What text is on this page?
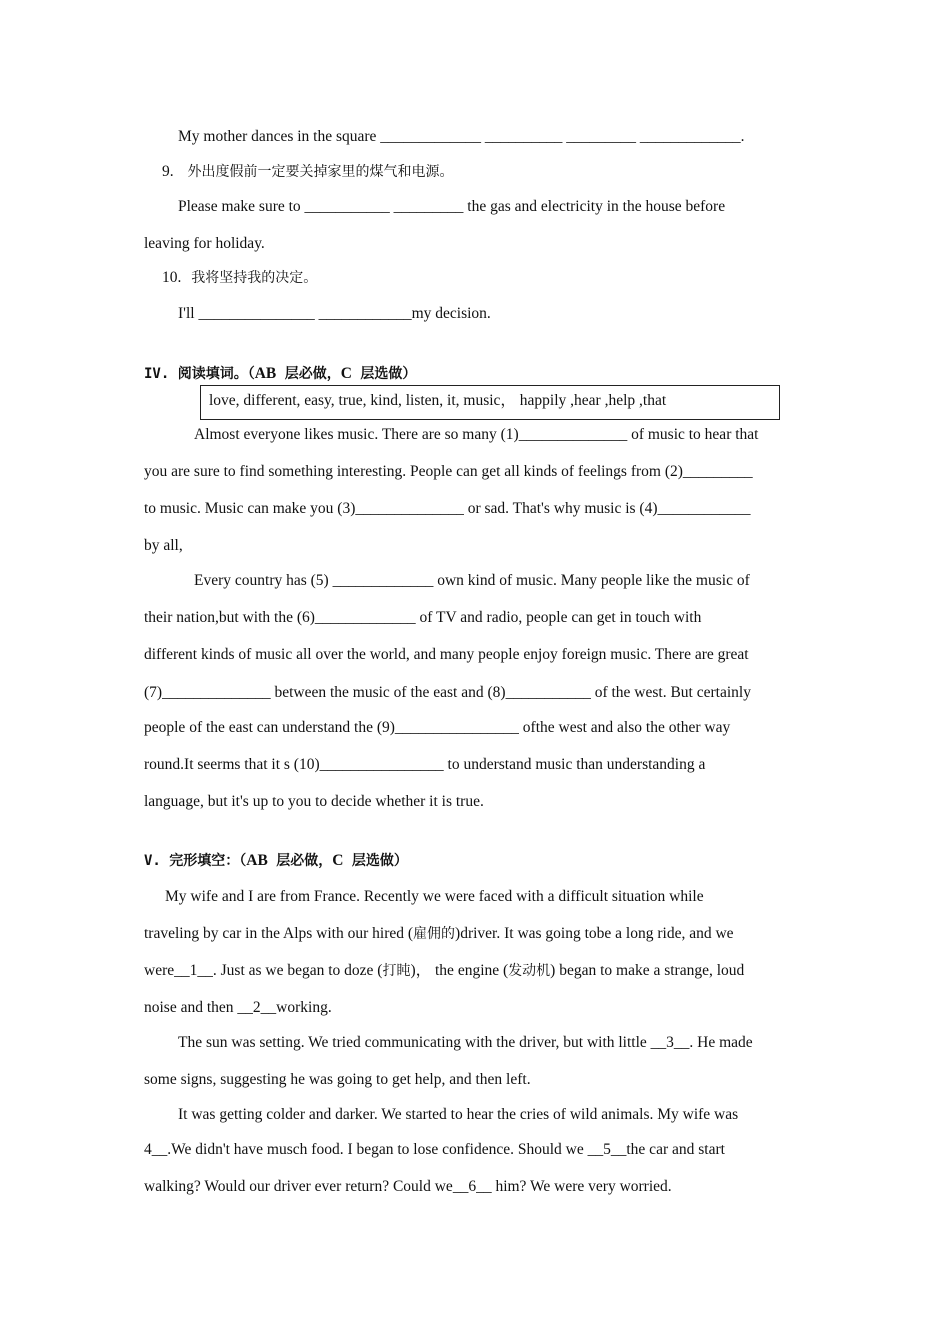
My mother dances in the square _____________ __________ _________ _____________.
9. 外出度假前一定要关掉家里的煤气和电源。
Please make sure to ___________ _________ the gas and electricity in the house before
leaving for holiday.
10. 我将坚持我的决定。
I'll _______________ ____________my decision.
IV. 阅读填词。（AB 层必做，C 层选做）
love, different, easy, true, kind, listen, it, music， happily ,hear ,help ,that
Almost everyone likes music. There are so many (1)______________ of music to hear that
you are sure to find something interesting. People can get all kinds of feelings from (2)_________
to music. Music can make you (3)______________ or sad. That's why music is (4)____________
by all,
Every country has (5) _____________ own kind of music. Many people like the music of
their nation,but with the (6)_____________ of TV and radio, people can get in touch with
different kinds of music all over the world, and many people enjoy foreign music. There are great
(7)______________ between the music of the east and (8)___________ of the west. But certainly
people of the east can understand the (9)________________ ofthe west and also the other way
round.It seerms that it s (10)________________ to understand music than understanding a
language, but it's up to you to decide whether it is true.
V. 完形填空：（AB 层必做，C 层选做）
My wife and I are from France. Recently we were faced with a difficult situation while
traveling by car in the Alps with our hired (雇佣的)driver. It was going tobe a long ride, and we
were__1__. Just as we began to doze (打盹)， the engine (发动机) began to make a strange, loud
noise and then __2__working.
The sun was setting. We tried communicating with the driver, but with little __3__. He made
some signs, suggesting he was going to get help, and then left.
It was getting colder and darker. We started to hear the cries of wild animals. My wife was
4__.We didn't have musch food. I began to lose confidence. Should we __5__the car and start
walking? Would our driver ever return? Could we__6__ him? We were very worried.
